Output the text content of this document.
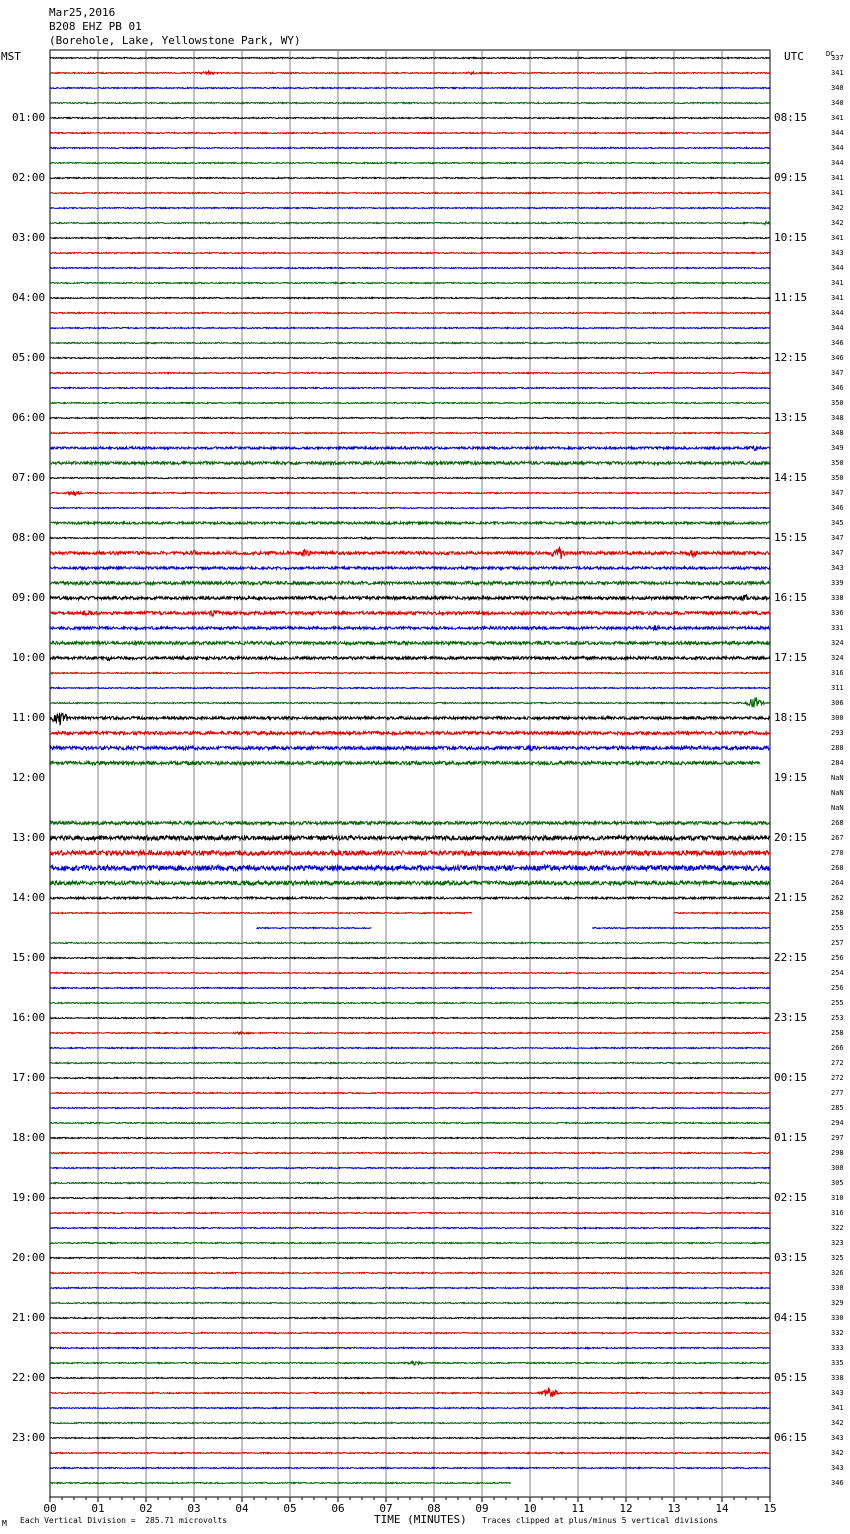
00	01	02	03	04	05	06	07	08	09	10	11	12	13	14	15
Mar25,2016
B208 EHZ PB 01
(Borehole, Lake, Yellowstone Park, WY)
MST	UTC	DC
01:00
02:00
03:00
04:00
05:00
06:00
07:00
08:00
09:00
10:00
11:00
12:00
13:00
14:00
15:00
16:00
17:00
18:00
19:00
20:00
21:00
22:00
23:00
08:15
09:15
10:15
11:15
12:15
13:15
14:15
15:15
16:15
17:15
18:15
19:15
20:15
21:15
22:15
23:15
00:15
01:15
02:15
03:15
04:15
05:15
06:15
337
341
340
340
341
344
344
344
341
341
342
342
341
343
344
341
341
344
344
346
346
347
346
350
348
348
349
350
350
347
346
345
347
347
343
339
338
336
331
324
324
316
311
306
300
293
288
284
NaN
NaN
NaN
268
267
270
268
264
262
258
255
257
256
254
256
255
253
258
266
272
272
277
285
294
297
298
300
305
310
316
322
323
325
326
330
329
330
332
333
335
338
343
341
342
343
342
343
346
M Each Vertical Division =  285.71 microvolts	TIME (MINUTES) Traces clipped at plus/minus 5 vertical divisions
